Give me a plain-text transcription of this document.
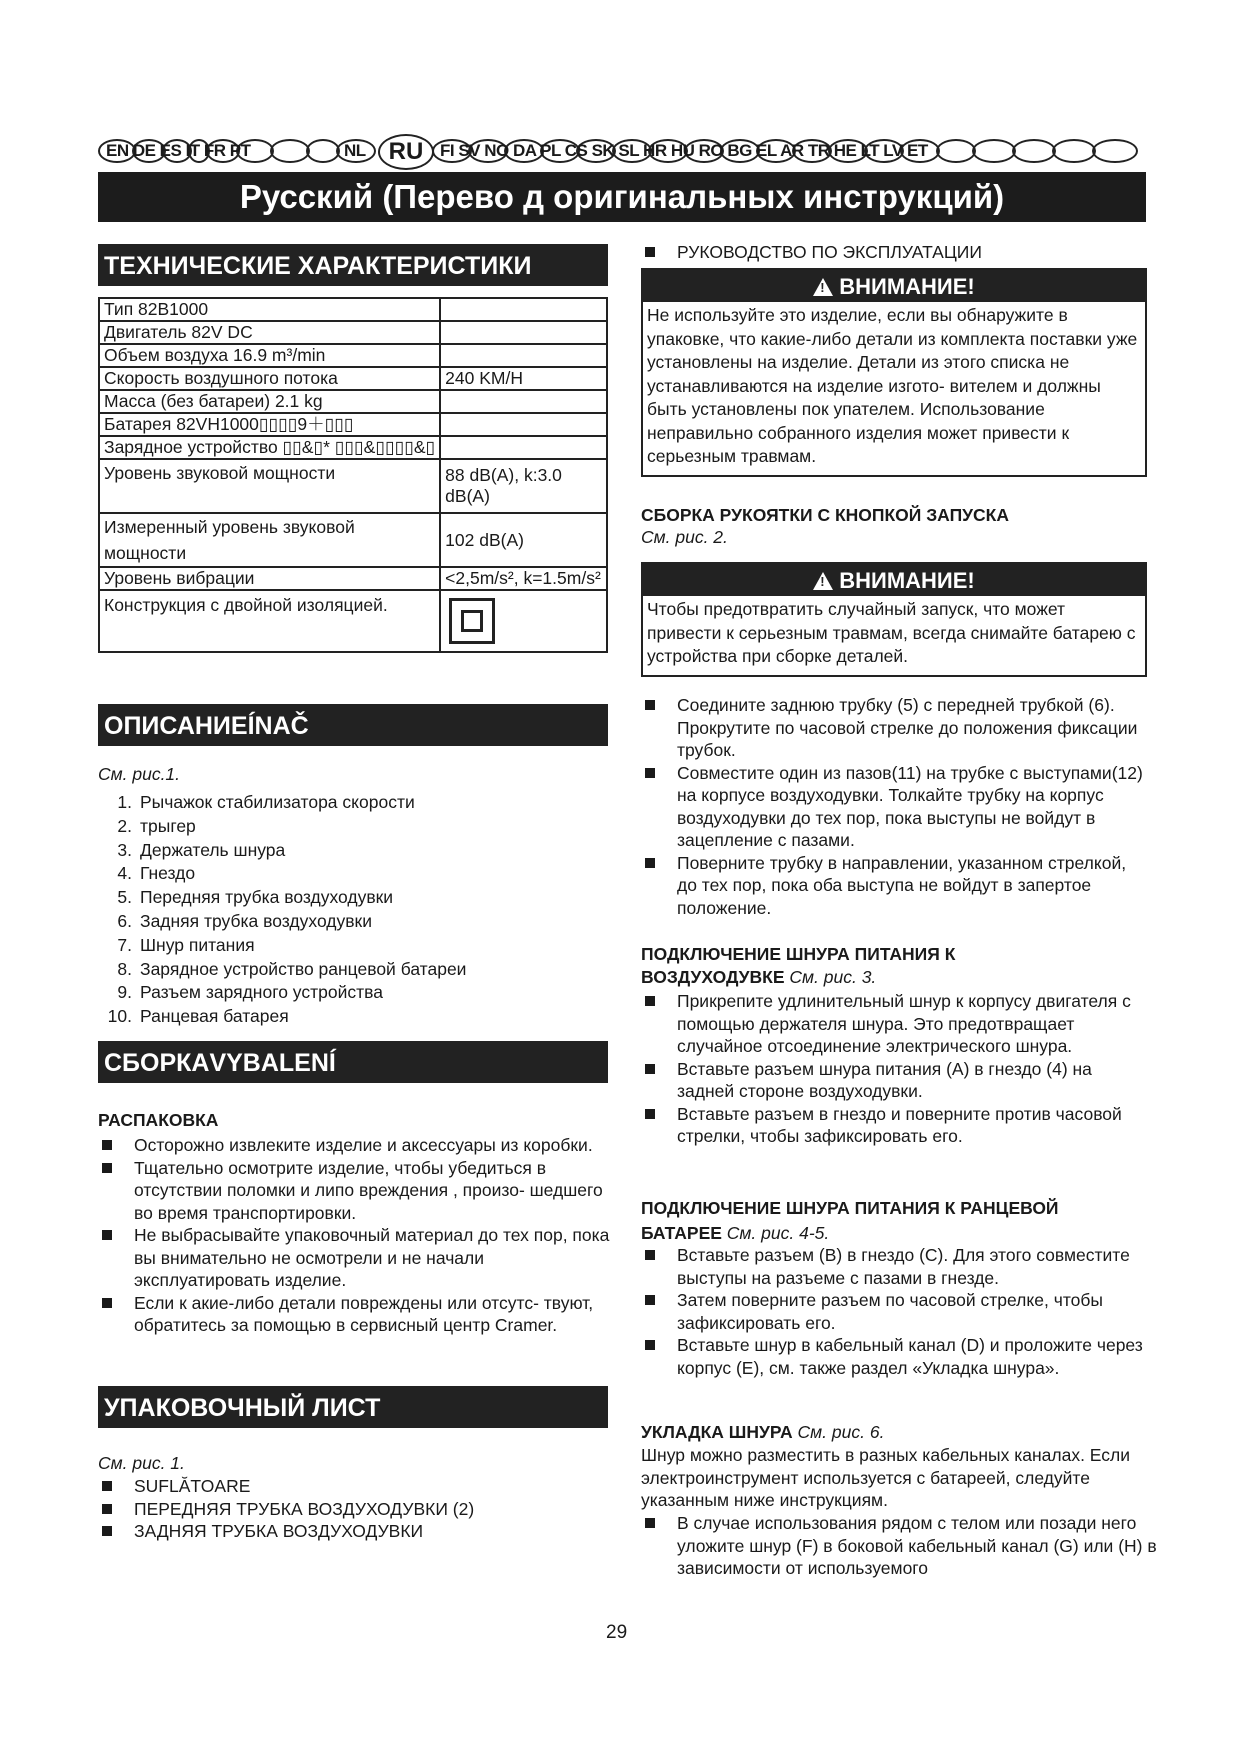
EN DE ES IT FR PT	NL RU FI SV NO DA PL CS SK SL HR HU RO BG EL AR TR HE LT LV ET
Русский (Перево д оригинальных инструкций)
ТЕХНИЧЕСКИЕ ХАРАКТЕРИСТИКИ
Тип 82B1000	
Двигатель 82V DC	
Объем воздуха 16.9 m³/min	
Скорость воздушного потока	240 KM/H
Масса (без батареи) 2.1 kg	
Батарея 82VH1000▯▯▯▯9＋▯▯▯	
Зарядное устройство ▯▯&▯* ▯▯▯&▯▯▯▯&▯	
Уровень звуковой мощности	88 dB(A), k:3.0 dB(A)
Измеренный уровень звуковой мощности	102 dB(A)
Уровень вибрации	<2,5m/s², k=1.5m/s²
Конструкция с двойной изоляцией.	
ОПИСАНИЕÍNAČ
См. рис.1.
1. Рычажок стабилизатора скорости
2. трыгер
3. Держатель шнура
4. Гнездо
5. Передняя трубка воздуходувки
6. Задняя трубка воздуходувки
7. Шнур питания
8. Зарядное устройство ранцевой батареи
9. Разъем зарядного устройства
10. Ранцевая батарея
СБОРКАVYBALENÍ
РАСПАКОВКА
Осторожно извлеките изделие и аксессуары из коробки.
Тщательно осмотрите изделие, чтобы убедиться в отсутствии поломки и липо вреждения , произо- шедшего во время транспортировки.
Не выбрасывайте упаковочный материал до тех пор, пока вы внимательно не осмотрели и не начали эксплуатировать изделие.
Если к акие-либо детали повреждены или отсутс- твуют, обратитесь за помощью в сервисный центр Cramer.
УПАКОВОЧНЫЙ ЛИСТ
См. рис. 1.
SUFLĂTOARE
ПЕРЕДНЯЯ ТРУБКА ВОЗДУХОДУВКИ (2)
ЗАДНЯЯ ТРУБКА ВОЗДУХОДУВКИ
РУКОВОДСТВО ПО ЭКСПЛУАТАЦИИ
!ВНИМАНИЕ!
Не используйте это изделие, если вы обнаружите в упаковке, что какие-либо детали из комплекта поставки уже установлены на изделие. Детали из этого списка не устанавливаются на изделие изгото- вителем и должны быть установлены пок упателем. Использование неправильно собранного изделия может привести к серьезным травмам.
СБОРКА РУКОЯТКИ С КНОПКОЙ ЗАПУСКА
См. рис. 2.
!ВНИМАНИЕ!
Чтобы предотвратить случайный запуск, что может привести к серьезным травмам, всегда снимайте батарею с устройства при сборке деталей.
Соедините заднюю трубку (5) с передней трубкой (6). Прокрутите по часовой стрелке до положения фиксации трубок.
Совместите один из пазов(11) на трубке с выступами(12) на корпусе воздуходувки. Толкайте трубку на корпус воздуходувки до тех пор, пока выступы не войдут в зацепление с пазами.
Поверните трубку в направлении, указанном стрелкой, до тех пор, пока оба выступа не войдут в запертое положение.
ПОДКЛЮЧЕНИЕ ШНУРА ПИТАНИЯ К ВОЗДУХОДУВКЕ См. рис. 3.
Прикрепите удлинительный шнур к корпусу двигателя с помощью держателя шнура. Это предотвращает случайное отсоединение электрического шнура.
Вставьте разъем шнура питания (A) в гнездо (4) на задней стороне воздуходувки.
Вставьте разъем в гнездо и поверните против часовой стрелки, чтобы зафиксировать его.
ПОДКЛЮЧЕНИЕ ШНУРА ПИТАНИЯ К РАНЦЕВОЙ БАТАРЕЕ См. рис. 4-5.
Вставьте разъем (B) в гнездо (C). Для этого совместите выступы на разъеме с пазами в гнезде.
Затем поверните разъем по часовой стрелке, чтобы зафиксировать его.
Вставьте шнур в кабельный канал (D) и проложите через корпус (E), см. также раздел «Укладка шнура».
УКЛАДКА ШНУРА См. рис. 6.
Шнур можно разместить в разных кабельных каналах. Если электроинструмент используется с батареей, следуйте указанным ниже инструкциям.
В случае использования рядом с телом или позади него уложите шнур (F) в боковой кабельный канал (G) или (H) в зависимости от используемого
29
